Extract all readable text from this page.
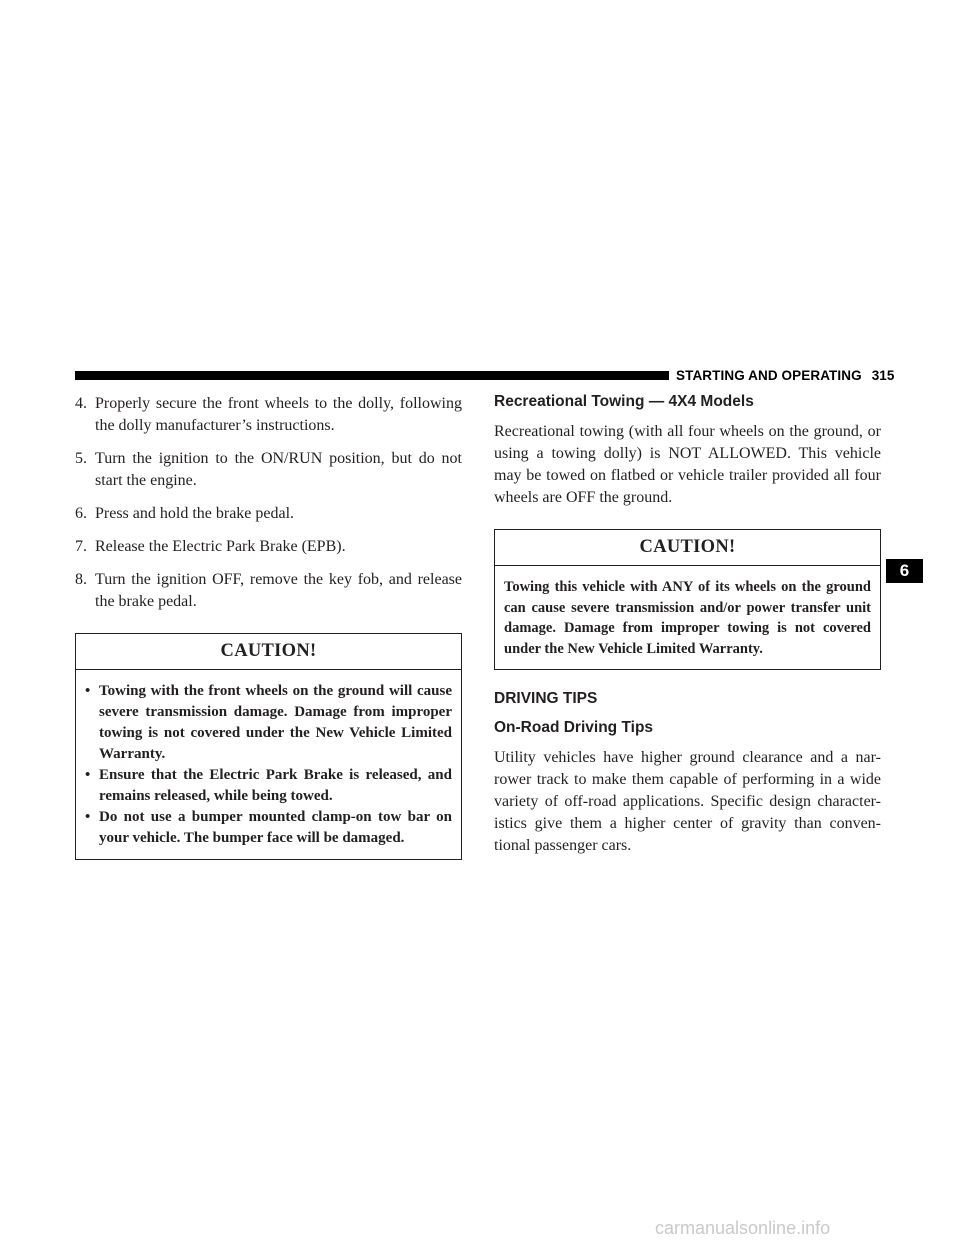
STARTING AND OPERATING 315
4. Properly secure the front wheels to the dolly, following the dolly manufacturer’s instructions.
5. Turn the ignition to the ON/RUN position, but do not start the engine.
6. Press and hold the brake pedal.
7. Release the Electric Park Brake (EPB).
8. Turn the ignition OFF, remove the key fob, and release the brake pedal.
CAUTION!
• Towing with the front wheels on the ground will cause severe transmission damage. Damage from improper towing is not covered under the New Vehicle Limited Warranty.
• Ensure that the Electric Park Brake is released, and remains released, while being towed.
• Do not use a bumper mounted clamp-on tow bar on your vehicle. The bumper face will be damaged.
Recreational Towing — 4X4 Models

Recreational towing (with all four wheels on the ground, or using a towing dolly) is NOT ALLOWED. This vehicle may be towed on flatbed or vehicle trailer provided all four wheels are OFF the ground.

CAUTION!
Towing this vehicle with ANY of its wheels on the ground can cause severe transmission and/or power transfer unit damage. Damage from improper towing is not covered under the New Vehicle Limited Warranty.
DRIVING TIPS
On-Road Driving Tips

Utility vehicles have higher ground clearance and a nar- rower track to make them capable of performing in a wide variety of off-road applications. Specific design character- istics give them a higher center of gravity than conven- tional passenger cars.

6
carmanualsonline.info
